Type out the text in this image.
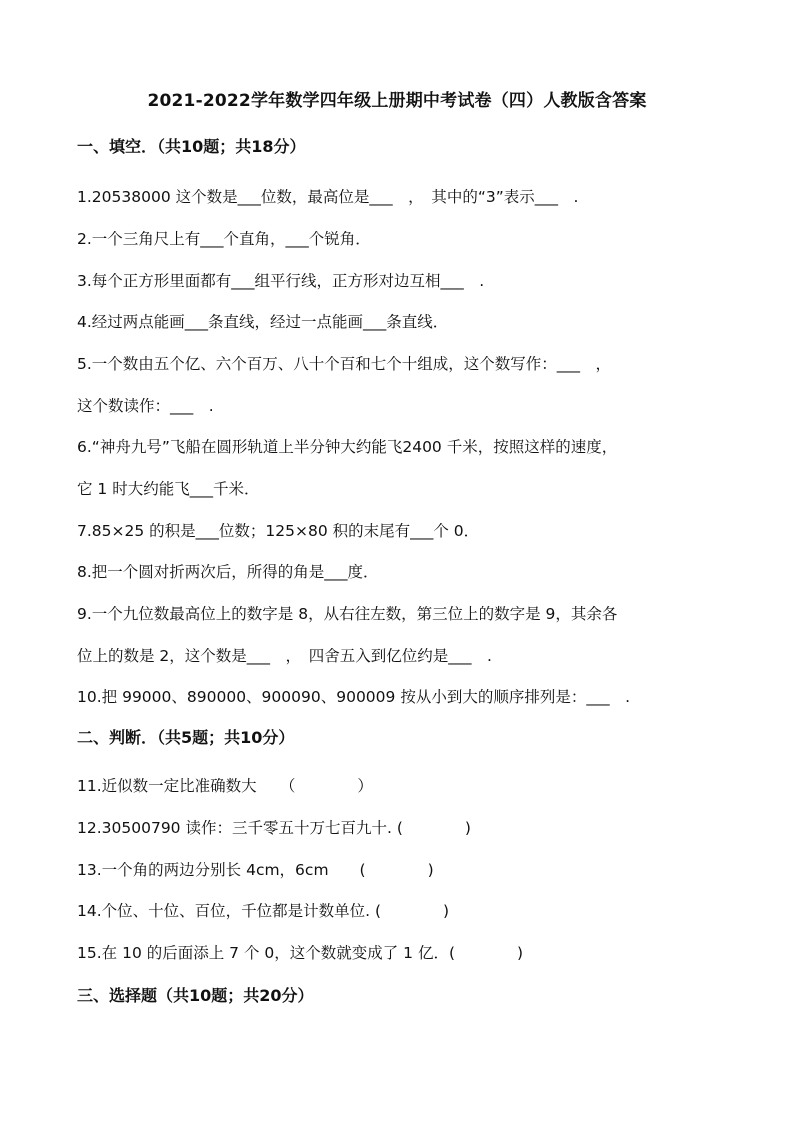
2021-2022学年数学四年级上册期中考试卷（四）人教版含答案
一、填空．（共10题；共18分）
1.20538000 这个数是___位数，最高位是___　，　其中的“3”表示___　.
2.一个三角尺上有___个直角，___个锐角．
3.每个正方形里面都有___组平行线，正方形对边互相___　.
4.经过两点能画___条直线，经过一点能画___条直线．
5.一个数由五个亿、六个百万、八十个百和七个十组成，这个数写作：___　，
这个数读作：___　.
6.“神舟九号”飞船在圆形轨道上半分钟大约能飞2400 千米，按照这样的速度，
它 1 时大约能飞___千米．
7.85×25 的积是___位数；125×80 积的末尾有___个 0．
8.把一个圆对折两次后，所得的角是___度．
9.一个九位数最高位上的数字是 8，从右往左数，第三位上的数字是 9，其余各
位上的数是 2，这个数是___　，　四舍五入到亿位约是___　.
10.把 99000、890000、900090、900009 按从小到大的顺序排列是：___　.
二、判断．（共5题；共10分）
11.近似数一定比准确数大　　（　　　　）
12.30500790 读作：三千零五十万七百九十. (　　　　)
13.一个角的两边分别长 4cm，6cm　　(　　　　)
14.个位、十位、百位，千位都是计数单位. (　　　　)
15.在 10 的后面添上 7 个 0，这个数就变成了 1 亿．(　　　　)
三、选择题（共10题；共20分）
